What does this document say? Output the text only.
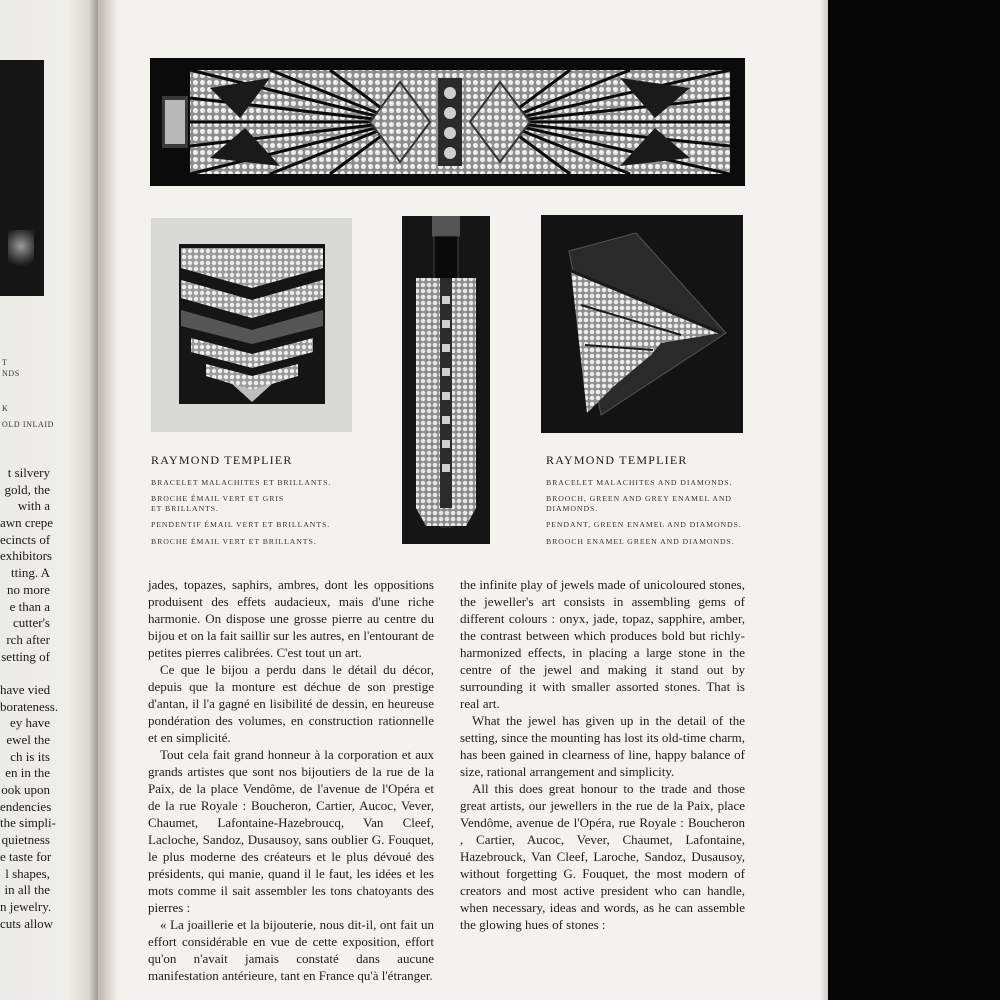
T
NDS
K
OLD INLAID
t silvery
gold, the
with a
awn crepe
ecincts of
exhibitors
tting. A
no more
e than a
cutter's
rch after
setting of
have vied
borateness.
ey have
ewel the
ch is its
en in the
ook upon
endencies
the simpli-
quietness
e taste for
l shapes,
in all the
n jewelry.
cuts allow
RAYMOND TEMPLIER
BRACELET MALACHITES ET BRILLANTS.
BROCHE ÉMAIL VERT ET GRIS ET BRILLANTS.
PENDENTIF ÉMAIL VERT ET BRILLANTS.
BROCHE ÉMAIL VERT ET BRILLANTS.
RAYMOND TEMPLIER
BRACELET MALACHITES AND DIAMONDS.
BROOCH, GREEN AND GREY ENAMEL AND DIAMONDS.
PENDANT, GREEN ENAMEL AND DIAMONDS.
BROOCH ENAMEL GREEN AND DIAMONDS.

jades, topazes, saphirs, ambres, dont les oppositions produisent des effets audacieux, mais d'une riche harmonie. On dispose une grosse pierre au centre du bijou et on la fait saillir sur les autres, en l'entourant de petites pierres calibrées. C'est tout un art.

Ce que le bijou a perdu dans le détail du décor, depuis que la monture est déchue de son prestige d'antan, il l'a gagné en lisibilité de dessin, en heureuse pondération des volumes, en construction rationnelle et en simplicité.

Tout cela fait grand honneur à la corporation et aux grands artistes que sont nos bijoutiers de la rue de la Paix, de la place Vendôme, de l'avenue de l'Opéra et de la rue Royale : Boucheron, Cartier, Aucoc, Vever, Chaumet, Lafontaine-Hazebroucq, Van Cleef, Lacloche, Sandoz, Dusausoy, sans oublier G. Fouquet, le plus moderne des créateurs et le plus dévoué des présidents, qui manie, quand il le faut, les idées et les mots comme il sait assembler les tons chatoyants des pierres :

« La joaillerie et la bijouterie, nous dit-il, ont fait un effort considérable en vue de cette exposition, effort qu'on n'avait jamais constaté dans aucune manifestation antérieure, tant en France qu'à l'étranger.

the infinite play of jewels made of unicoloured stones, the jeweller's art consists in assembling gems of different colours : onyx, jade, topaz, sapphire, amber, the contrast between which produces bold but richly-harmonized effects, in placing a large stone in the centre of the jewel and making it stand out by surrounding it with smaller assorted stones. That is real art.

What the jewel has given up in the detail of the setting, since the mounting has lost its old-time charm, has been gained in clearness of line, happy balance of size, rational arrangement and simplicity.

All this does great honour to the trade and those great artists, our jewellers in the rue de la Paix, place Vendôme, avenue de l'Opéra, rue Royale : Boucheron , Cartier, Aucoc, Vever, Chaumet, Lafontaine, Hazebrouck, Van Cleef, Laroche, Sandoz, Dusausoy, without forgetting G. Fouquet, the most modern of creators and most active president who can handle, when necessary, ideas and words, as he can assemble the glowing hues of stones :
